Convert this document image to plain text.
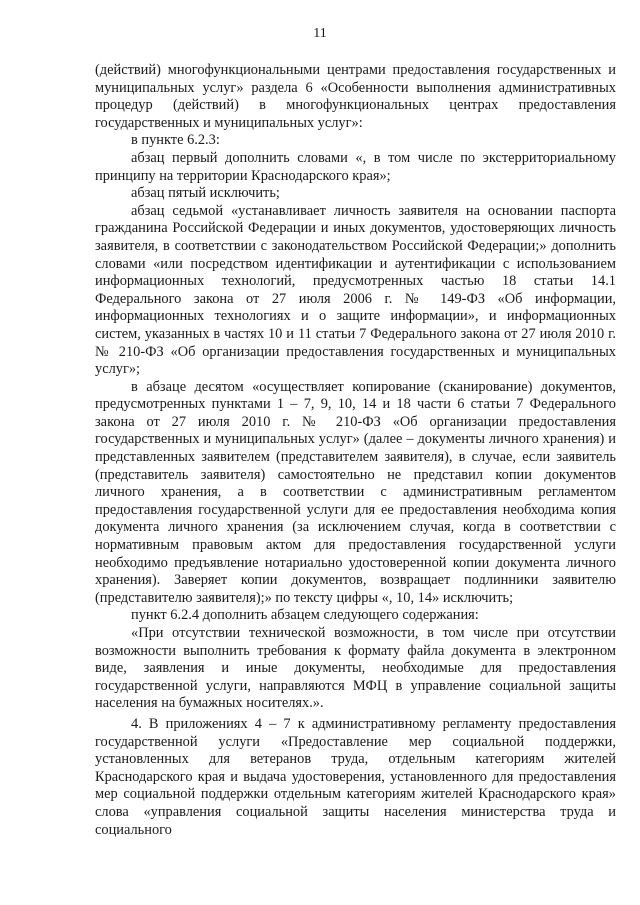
11

(действий) многофункциональными центрами предоставления государственных и муниципальных услуг» раздела 6 «Особенности выполнения административных процедур (действий) в многофункциональных центрах предоставления государственных и муниципальных услуг»:

в пункте 6.2.3:

абзац первый дополнить словами «, в том числе по экстерриториальному принципу на территории Краснодарского края»;

абзац пятый исключить;

абзац седьмой «устанавливает личность заявителя на основании паспорта гражданина Российской Федерации и иных документов, удостоверяющих личность заявителя, в соответствии с законодательством Российской Федерации;» дополнить словами «или посредством идентификации и аутентификации с использованием информационных технологий, предусмотренных частью 18 статьи 14.1 Федерального закона от 27 июля 2006 г. № 149-ФЗ «Об информации, информационных технологиях и о защите информации», и информационных систем, указанных в частях 10 и 11 статьи 7 Федерального закона от 27 июля 2010 г. № 210-ФЗ «Об организации предоставления государственных и муниципальных услуг»;

в абзаце десятом «осуществляет копирование (сканирование) документов, предусмотренных пунктами 1 – 7, 9, 10, 14 и 18 части 6 статьи 7 Федерального закона от 27 июля 2010 г. № 210-ФЗ «Об организации предоставления государственных и муниципальных услуг» (далее – документы личного хранения) и представленных заявителем (представителем заявителя), в случае, если заявитель (представитель заявителя) самостоятельно не представил копии документов личного хранения, а в соответствии с административным регламентом предоставления государственной услуги для ее предоставления необходима копия документа личного хранения (за исключением случая, когда в соответствии с нормативным правовым актом для предоставления государственной услуги необходимо предъявление нотариально удостоверенной копии документа личного хранения). Заверяет копии документов, возвращает подлинники заявителю (представителю заявителя);» по тексту цифры «, 10, 14» исключить;

пункт 6.2.4 дополнить абзацем следующего содержания:

«При отсутствии технической возможности, в том числе при отсутствии возможности выполнить требования к формату файла документа в электронном виде, заявления и иные документы, необходимые для предоставления государственной услуги, направляются МФЦ в управление социальной защиты населения на бумажных носителях.».

4. В приложениях 4 – 7 к административному регламенту предоставления государственной услуги «Предоставление мер социальной поддержки, установленных для ветеранов труда, отдельным категориям жителей Краснодарского края и выдача удостоверения, установленного для предоставления мер социальной поддержки отдельным категориям жителей Краснодарского края» слова «управления социальной защиты населения министерства труда и социального
